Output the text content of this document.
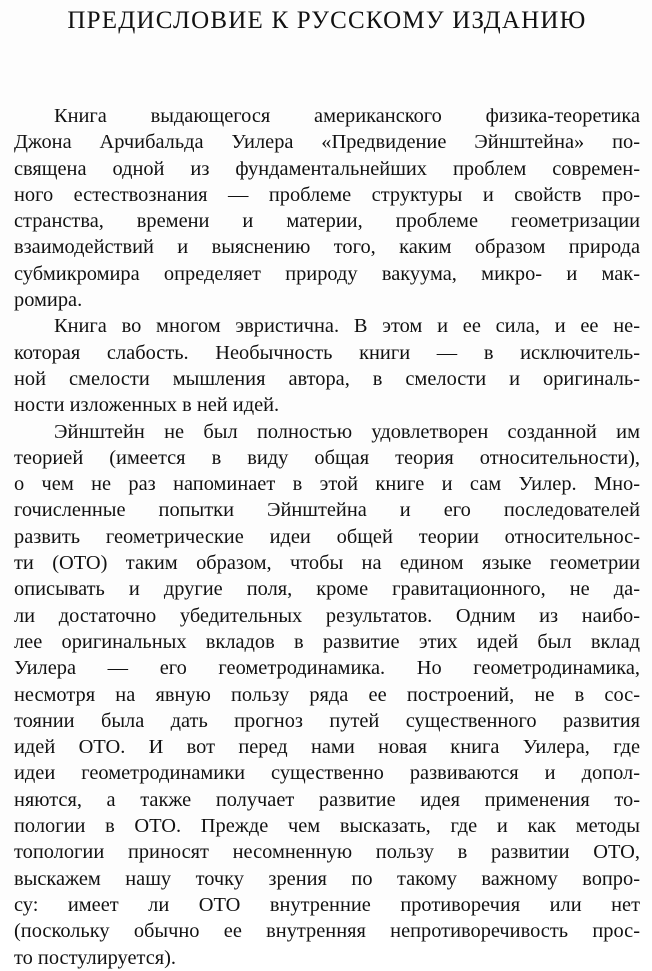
ПРЕДИСЛОВИЕ К РУССКОМУ ИЗДАНИЮ

Книга выдающегося американского физика-теоретика
Джона Арчибальда Уилера «Предвидение Эйнштейна» по-
священа одной из фундаментальнейших проблем современ-
ного естествознания — проблеме структуры и свойств про-
странства, времени и материи, проблеме геометризации
взаимодействий и выяснению того, каким образом природа
субмикромира определяет природу вакуума, микро- и мак-
ромира.

Книга во многом эвристична. В этом и ее сила, и ее не-
которая слабость. Необычность книги — в исключитель-
ной смелости мышления автора, в смелости и оригиналь-
ности изложенных в ней идей.

Эйнштейн не был полностью удовлетворен созданной им
теорией (имеется в виду общая теория относительности),
о чем не раз напоминает в этой книге и сам Уилер. Мно-
гочисленные попытки Эйнштейна и его последователей
развить геометрические идеи общей теории относительнос-
ти (ОТО) таким образом, чтобы на едином языке геометрии
описывать и другие поля, кроме гравитационного, не да-
ли достаточно убедительных результатов. Одним из наибо-
лее оригинальных вкладов в развитие этих идей был вклад
Уилера — его геометродинамика. Но геометродинамика,
несмотря на явную пользу ряда ее построений, не в сос-
тоянии была дать прогноз путей существенного развития
идей ОТО. И вот перед нами новая книга Уилера, где
идеи геометродинамики существенно развиваются и допол-
няются, а также получает развитие идея применения то-
пологии в ОТО. Прежде чем высказать, где и как методы
топологии приносят несомненную пользу в развитии ОТО,
выскажем нашу точку зрения по такому важному вопро-
су: имеет ли ОТО внутренние противоречия или нет
(поскольку обычно ее внутренняя непротиворечивость прос-
то постулируется).
